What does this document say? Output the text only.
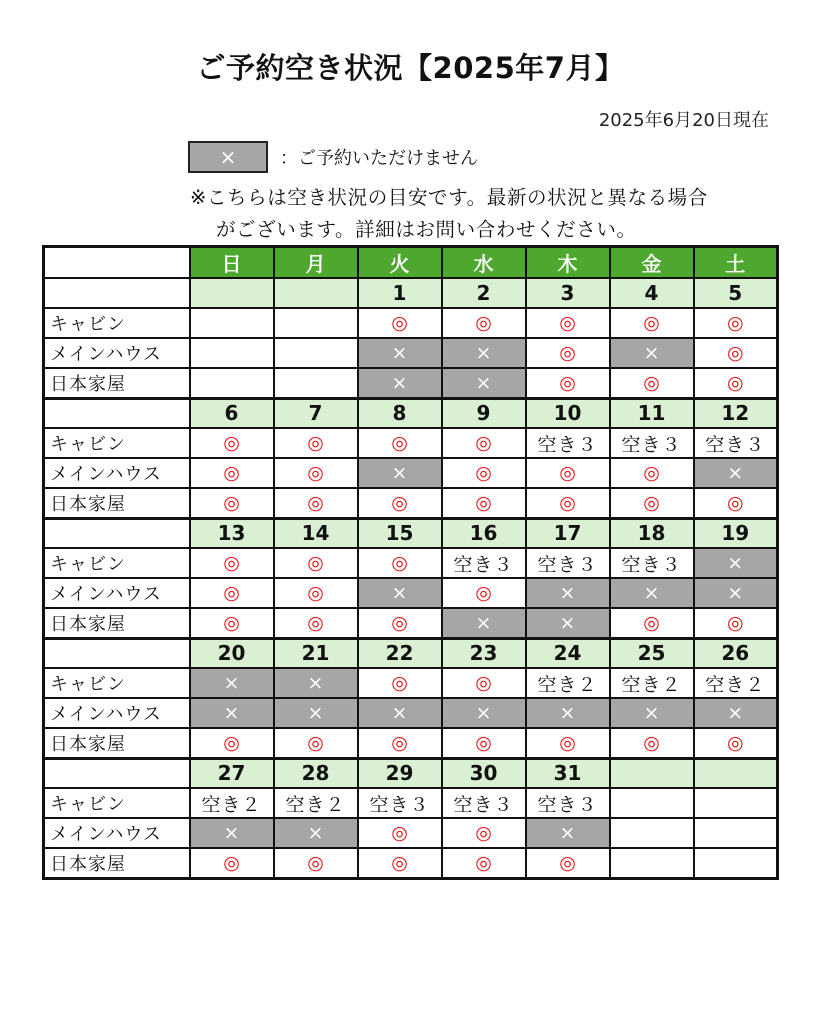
ご予約空き状況【2025年7月】
2025年6月20日現在
×	：ご予約いただけません
※こちらは空き状況の目安です。最新の状況と異なる場合
がございます。詳細はお問い合わせください。
	日	月	火	水	木	金	土
			1	2	3	4	5
キャビン			◎	◎	◎	◎	◎
メインハウス			×	×	◎	×	◎
日本家屋			×	×	◎	◎	◎
	6	7	8	9	10	11	12
キャビン	◎	◎	◎	◎	空き３	空き３	空き３
メインハウス	◎	◎	×	◎	◎	◎	×
日本家屋	◎	◎	◎	◎	◎	◎	◎
	13	14	15	16	17	18	19
キャビン	◎	◎	◎	空き３	空き３	空き３	×
メインハウス	◎	◎	×	◎	×	×	×
日本家屋	◎	◎	◎	×	×	◎	◎
	20	21	22	23	24	25	26
キャビン	×	×	◎	◎	空き２	空き２	空き２
メインハウス	×	×	×	×	×	×	×
日本家屋	◎	◎	◎	◎	◎	◎	◎
	27	28	29	30	31		
キャビン	空き２	空き２	空き３	空き３	空き３		
メインハウス	×	×	◎	◎	×		
日本家屋	◎	◎	◎	◎	◎		
